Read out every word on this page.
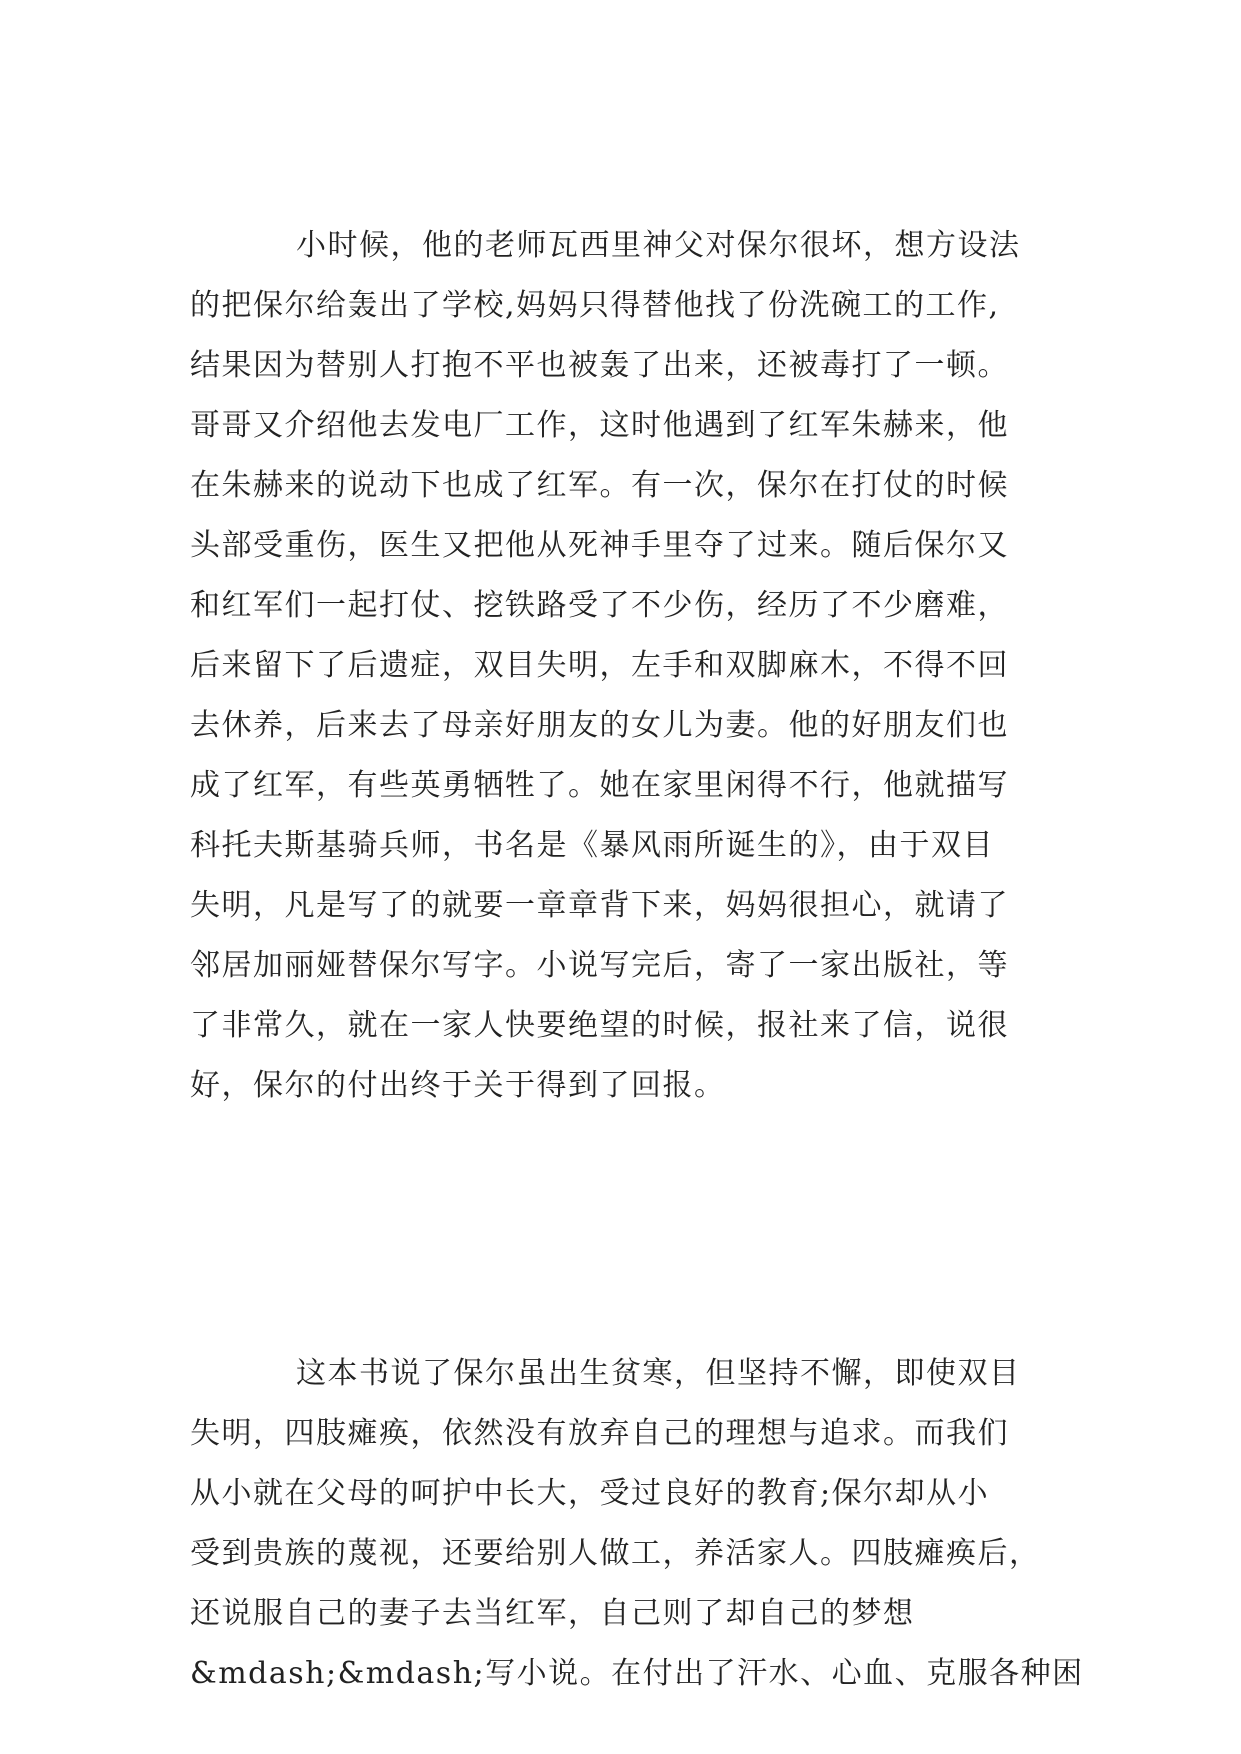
小时候，他的老师瓦西里神父对保尔很坏，想方设法
的把保尔给轰出了学校,妈妈只得替他找了份洗碗工的工作,
结果因为替别人打抱不平也被轰了出来，还被毒打了一顿。
哥哥又介绍他去发电厂工作，这时他遇到了红军朱赫来，他
在朱赫来的说动下也成了红军。有一次，保尔在打仗的时候
头部受重伤，医生又把他从死神手里夺了过来。随后保尔又
和红军们一起打仗、挖铁路受了不少伤，经历了不少磨难，
后来留下了后遗症，双目失明，左手和双脚麻木，不得不回
去休养，后来去了母亲好朋友的女儿为妻。他的好朋友们也
成了红军，有些英勇牺牲了。她在家里闲得不行，他就描写
科托夫斯基骑兵师，书名是《暴风雨所诞生的》，由于双目
失明，凡是写了的就要一章章背下来，妈妈很担心，就请了
邻居加丽娅替保尔写字。小说写完后，寄了一家出版社，等
了非常久，就在一家人快要绝望的时候，报社来了信，说很
好，保尔的付出终于关于得到了回报。
这本书说了保尔虽出生贫寒，但坚持不懈，即使双目
失明，四肢瘫痪，依然没有放弃自己的理想与追求。而我们
从小就在父母的呵护中长大，受过良好的教育;保尔却从小
受到贵族的蔑视，还要给别人做工，养活家人。四肢瘫痪后，
还说服自己的妻子去当红军，自己则了却自己的梦想
&mdash;&mdash;写小说。在付出了汗水、心血、克服各种困
